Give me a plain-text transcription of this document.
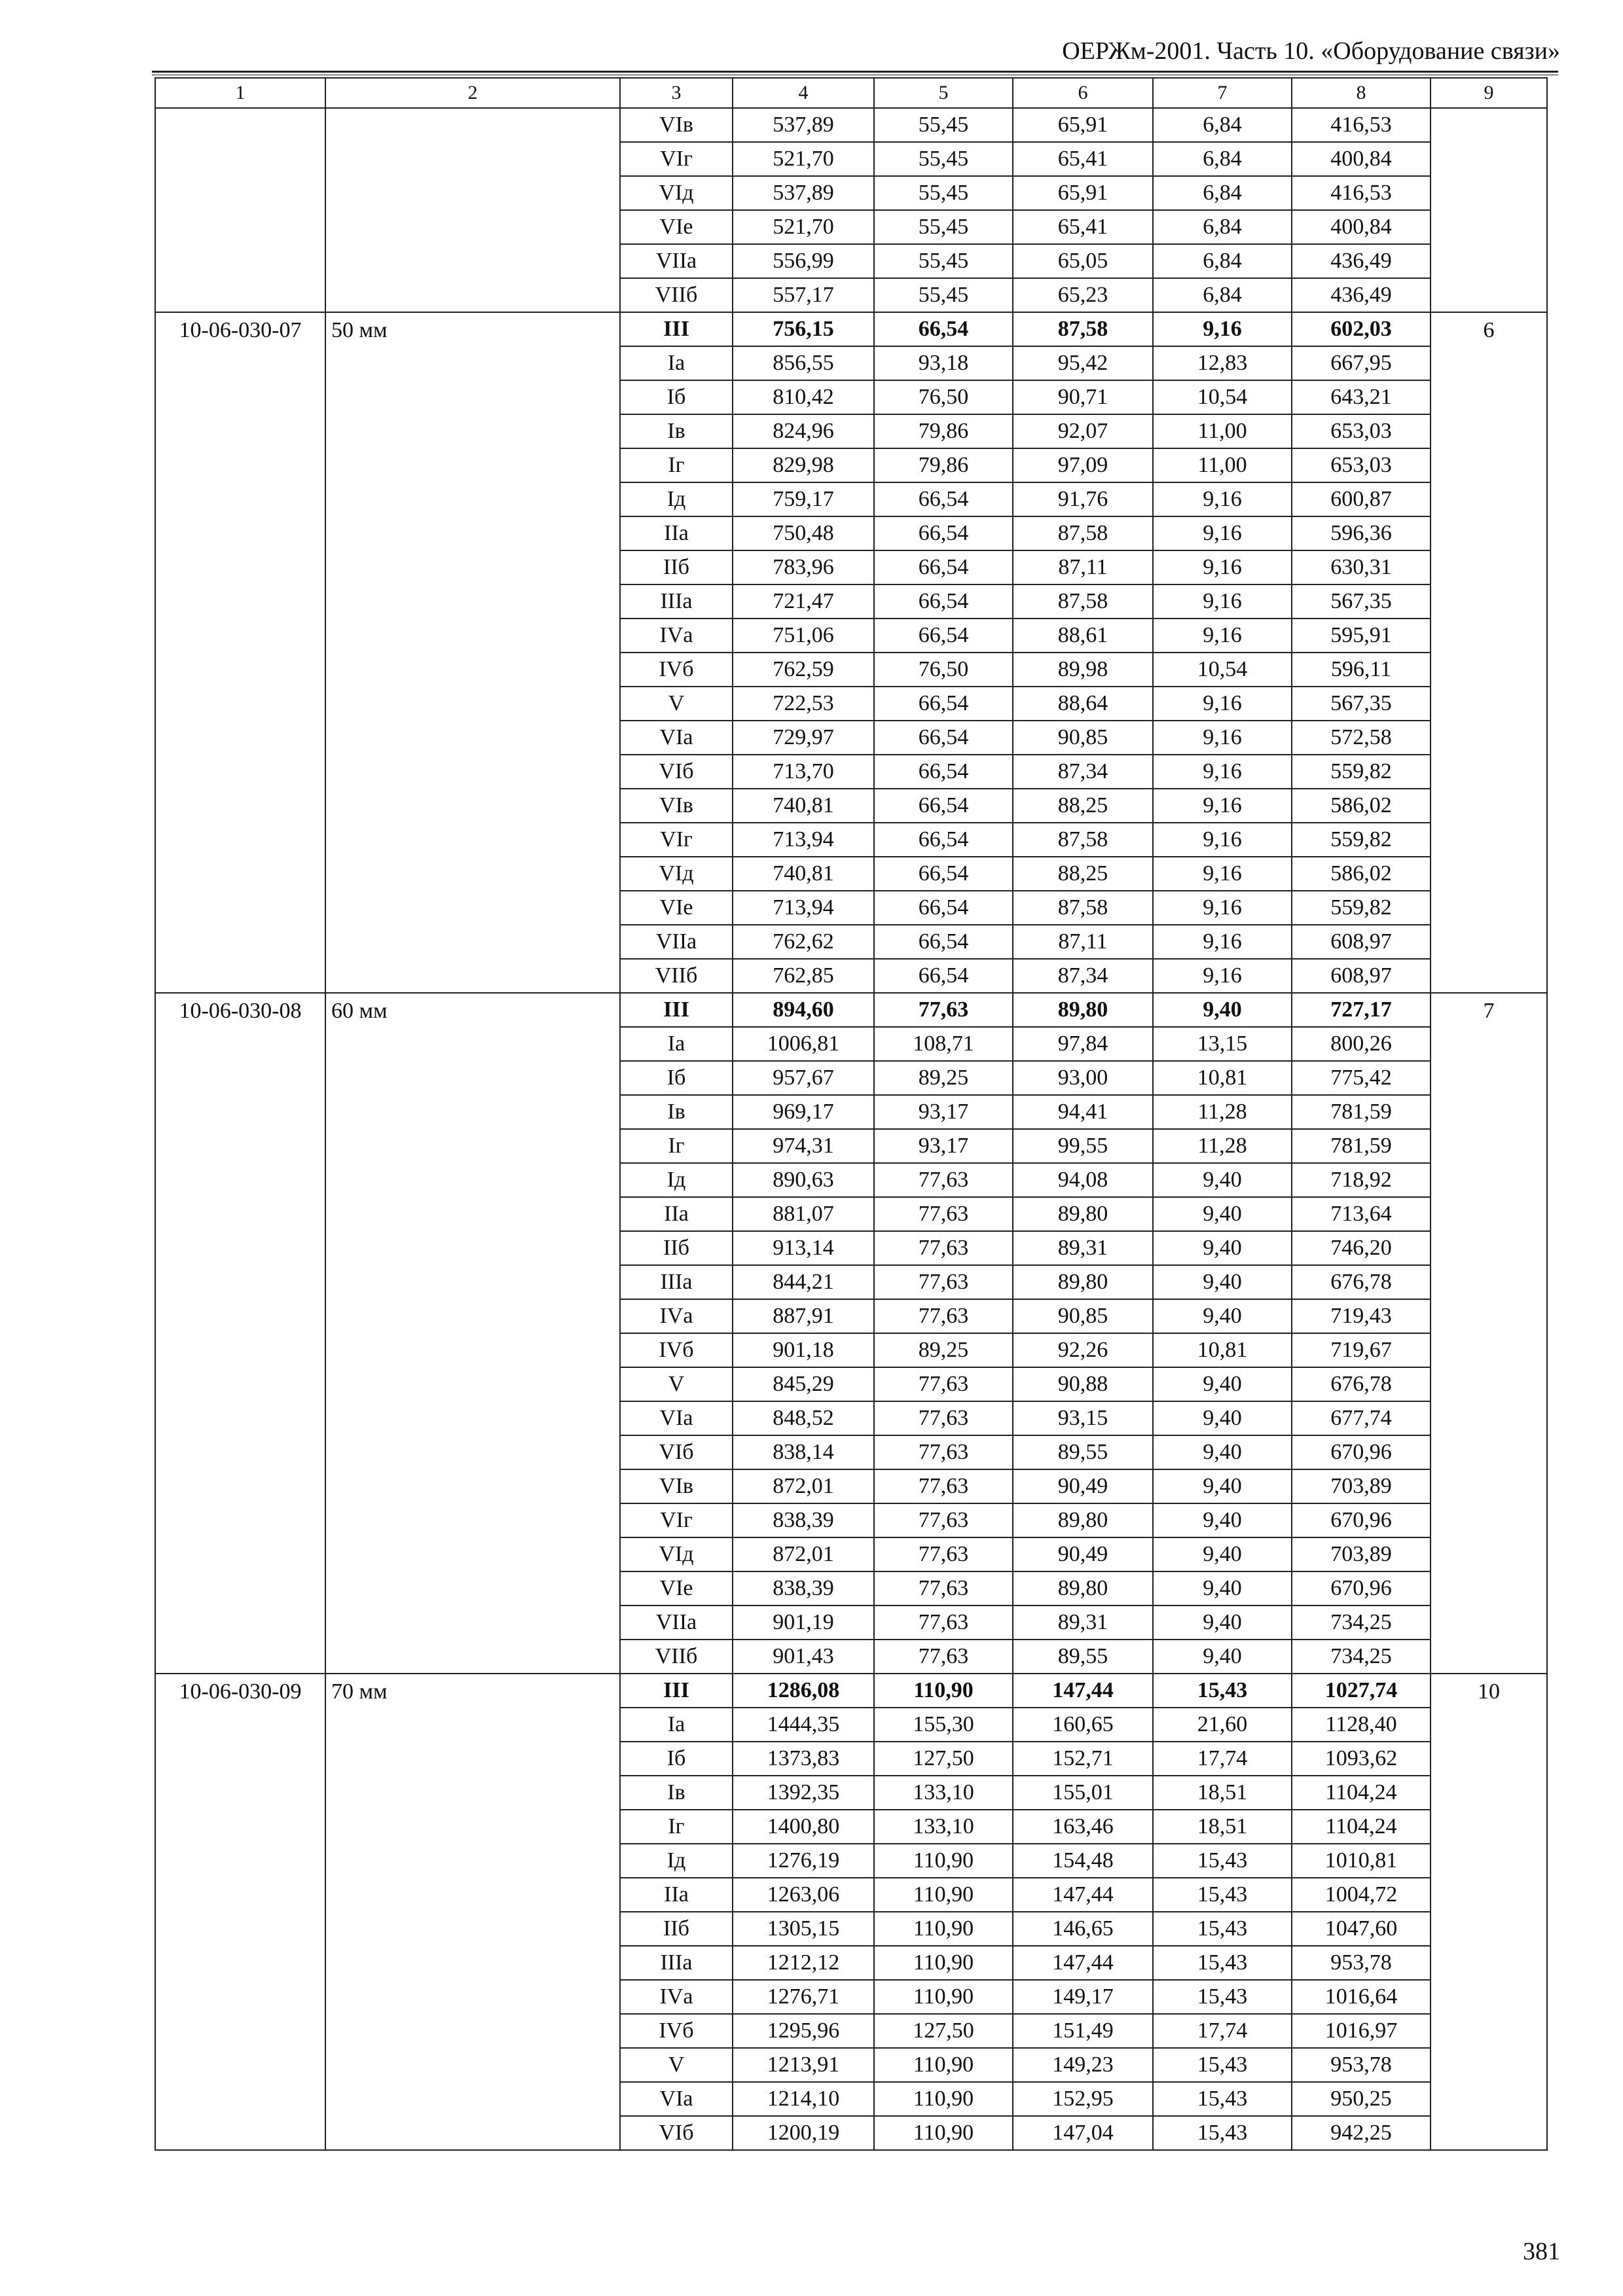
ОЕРЖм-2001. Часть 10. «Оборудование связи»
1	2	3	4	5	6	7	8	9
		VIв	537,89	55,45	65,91	6,84	416,53	
		VIг	521,70	55,45	65,41	6,84	400,84	
		VIд	537,89	55,45	65,91	6,84	416,53	
		VIе	521,70	55,45	65,41	6,84	400,84	
		VIIа	556,99	55,45	65,05	6,84	436,49	
		VIIб	557,17	55,45	65,23	6,84	436,49	
10-06-030-07	50 мм	III	756,15	66,54	87,58	9,16	602,03	6
		Iа	856,55	93,18	95,42	12,83	667,95	
		Iб	810,42	76,50	90,71	10,54	643,21	
		Iв	824,96	79,86	92,07	11,00	653,03	
		Iг	829,98	79,86	97,09	11,00	653,03	
		Iд	759,17	66,54	91,76	9,16	600,87	
		IIа	750,48	66,54	87,58	9,16	596,36	
		IIб	783,96	66,54	87,11	9,16	630,31	
		IIIа	721,47	66,54	87,58	9,16	567,35	
		IVа	751,06	66,54	88,61	9,16	595,91	
		IVб	762,59	76,50	89,98	10,54	596,11	
		V	722,53	66,54	88,64	9,16	567,35	
		VIа	729,97	66,54	90,85	9,16	572,58	
		VIб	713,70	66,54	87,34	9,16	559,82	
		VIв	740,81	66,54	88,25	9,16	586,02	
		VIг	713,94	66,54	87,58	9,16	559,82	
		VIд	740,81	66,54	88,25	9,16	586,02	
		VIе	713,94	66,54	87,58	9,16	559,82	
		VIIа	762,62	66,54	87,11	9,16	608,97	
		VIIб	762,85	66,54	87,34	9,16	608,97	
10-06-030-08	60 мм	III	894,60	77,63	89,80	9,40	727,17	7
		Iа	1006,81	108,71	97,84	13,15	800,26	
		Iб	957,67	89,25	93,00	10,81	775,42	
		Iв	969,17	93,17	94,41	11,28	781,59	
		Iг	974,31	93,17	99,55	11,28	781,59	
		Iд	890,63	77,63	94,08	9,40	718,92	
		IIа	881,07	77,63	89,80	9,40	713,64	
		IIб	913,14	77,63	89,31	9,40	746,20	
		IIIа	844,21	77,63	89,80	9,40	676,78	
		IVа	887,91	77,63	90,85	9,40	719,43	
		IVб	901,18	89,25	92,26	10,81	719,67	
		V	845,29	77,63	90,88	9,40	676,78	
		VIа	848,52	77,63	93,15	9,40	677,74	
		VIб	838,14	77,63	89,55	9,40	670,96	
		VIв	872,01	77,63	90,49	9,40	703,89	
		VIг	838,39	77,63	89,80	9,40	670,96	
		VIд	872,01	77,63	90,49	9,40	703,89	
		VIе	838,39	77,63	89,80	9,40	670,96	
		VIIа	901,19	77,63	89,31	9,40	734,25	
		VIIб	901,43	77,63	89,55	9,40	734,25	
10-06-030-09	70 мм	III	1286,08	110,90	147,44	15,43	1027,74	10
		Iа	1444,35	155,30	160,65	21,60	1128,40	
		Iб	1373,83	127,50	152,71	17,74	1093,62	
		Iв	1392,35	133,10	155,01	18,51	1104,24	
		Iг	1400,80	133,10	163,46	18,51	1104,24	
		Iд	1276,19	110,90	154,48	15,43	1010,81	
		IIа	1263,06	110,90	147,44	15,43	1004,72	
		IIб	1305,15	110,90	146,65	15,43	1047,60	
		IIIа	1212,12	110,90	147,44	15,43	953,78	
		IVа	1276,71	110,90	149,17	15,43	1016,64	
		IVб	1295,96	127,50	151,49	17,74	1016,97	
		V	1213,91	110,90	149,23	15,43	953,78	
		VIа	1214,10	110,90	152,95	15,43	950,25	
		VIб	1200,19	110,90	147,04	15,43	942,25	
381
